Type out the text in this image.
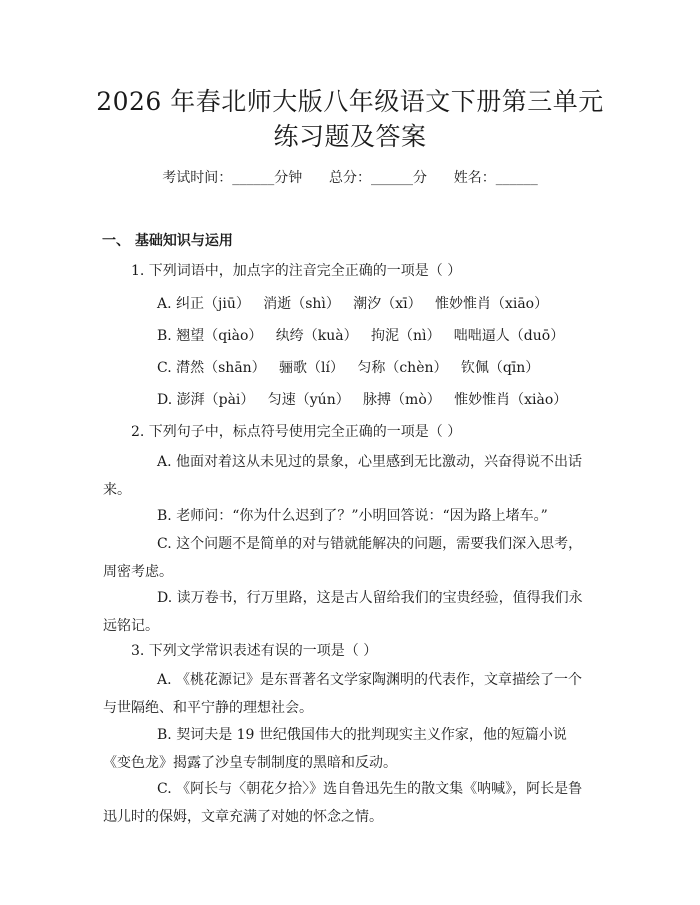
2026 年春北师大版八年级语文下册第三单元
练习题及答案
考试时间：______分钟      总分：______分      姓名：______
一、 基础知识与运用
1. 下列词语中，加点字的注音完全正确的一项是（ ）
A. 纠正（jiū）   消逝（shì）   潮汐（xī）   惟妙惟肖（xiāo）
B. 翘望（qiào）   纨绔（kuà）   拘泥（nì）   咄咄逼人（duō）
C. 潸然（shān）   骊歌（lí）   匀称（chèn）   钦佩（qīn）
D. 澎湃（pài）   匀速（yún）   脉搏（mò）   惟妙惟肖（xiào）
2. 下列句子中，标点符号使用完全正确的一项是（ ）
A. 他面对着这从未见过的景象，心里感到无比激动，兴奋得说不出话来。
B. 老师问：“你为什么迟到了？”小明回答说：“因为路上堵车。”
C. 这个问题不是简单的对与错就能解决的问题，需要我们深入思考，周密考虑。
D. 读万卷书，行万里路，这是古人留给我们的宝贵经验，值得我们永远铭记。
3. 下列文学常识表述有误的一项是（ ）
A. 《桃花源记》是东晋著名文学家陶渊明的代表作，文章描绘了一个与世隔绝、和平宁静的理想社会。
B. 契诃夫是 19 世纪俄国伟大的批判现实主义作家，他的短篇小说《变色龙》揭露了沙皇专制制度的黑暗和反动。
C. 《阿长与〈朝花夕拾〉》选自鲁迅先生的散文集《呐喊》，阿长是鲁迅儿时的保姆，文章充满了对她的怀念之情。
